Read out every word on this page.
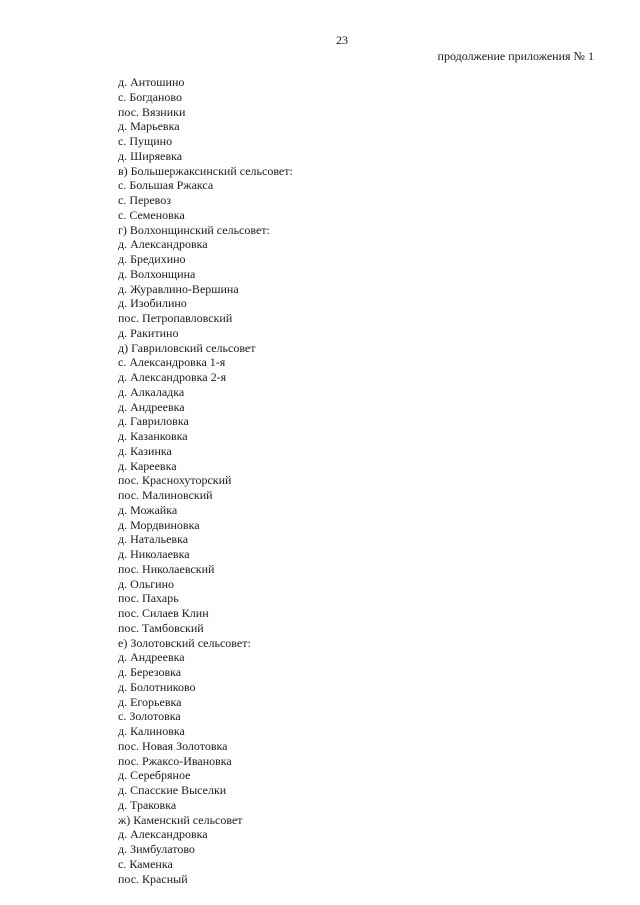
23
продолжение приложения № 1
д. Антошино
с. Богданово
пос. Вязники
д. Марьевка
с. Пущино
д. Ширяевка
в) Большержаксинский сельсовет:
с. Большая Ржакса
с. Перевоз
с. Семеновка
г) Волхонщинский сельсовет:
д. Александровка
д. Бредихино
д. Волхонщина
д. Журавлино-Вершина
д. Изобилино
пос. Петропавловский
д. Ракитино
д) Гавриловский сельсовет
с. Александровка 1-я
д. Александровка 2-я
д. Алкаладка
д. Андреевка
д. Гавриловка
д. Казанковка
д. Казинка
д. Кареевка
пос. Краснохуторский
пос. Малиновский
д. Можайка
д. Мордвиновка
д. Натальевка
д. Николаевка
пос. Николаевский
д. Ольгино
пос. Пахарь
пос. Силаев Клин
пос. Тамбовский
е) Золотовский сельсовет:
д. Андреевка
д. Березовка
д. Болотниково
д. Егорьевка
с. Золотовка
д. Калиновка
пос. Новая Золотовка
пос. Ржаксо-Ивановка
д. Серебряное
д. Спасские Выселки
д. Траковка
ж) Каменский сельсовет
д. Александровка
д. Зимбулатово
с. Каменка
пос. Красный
